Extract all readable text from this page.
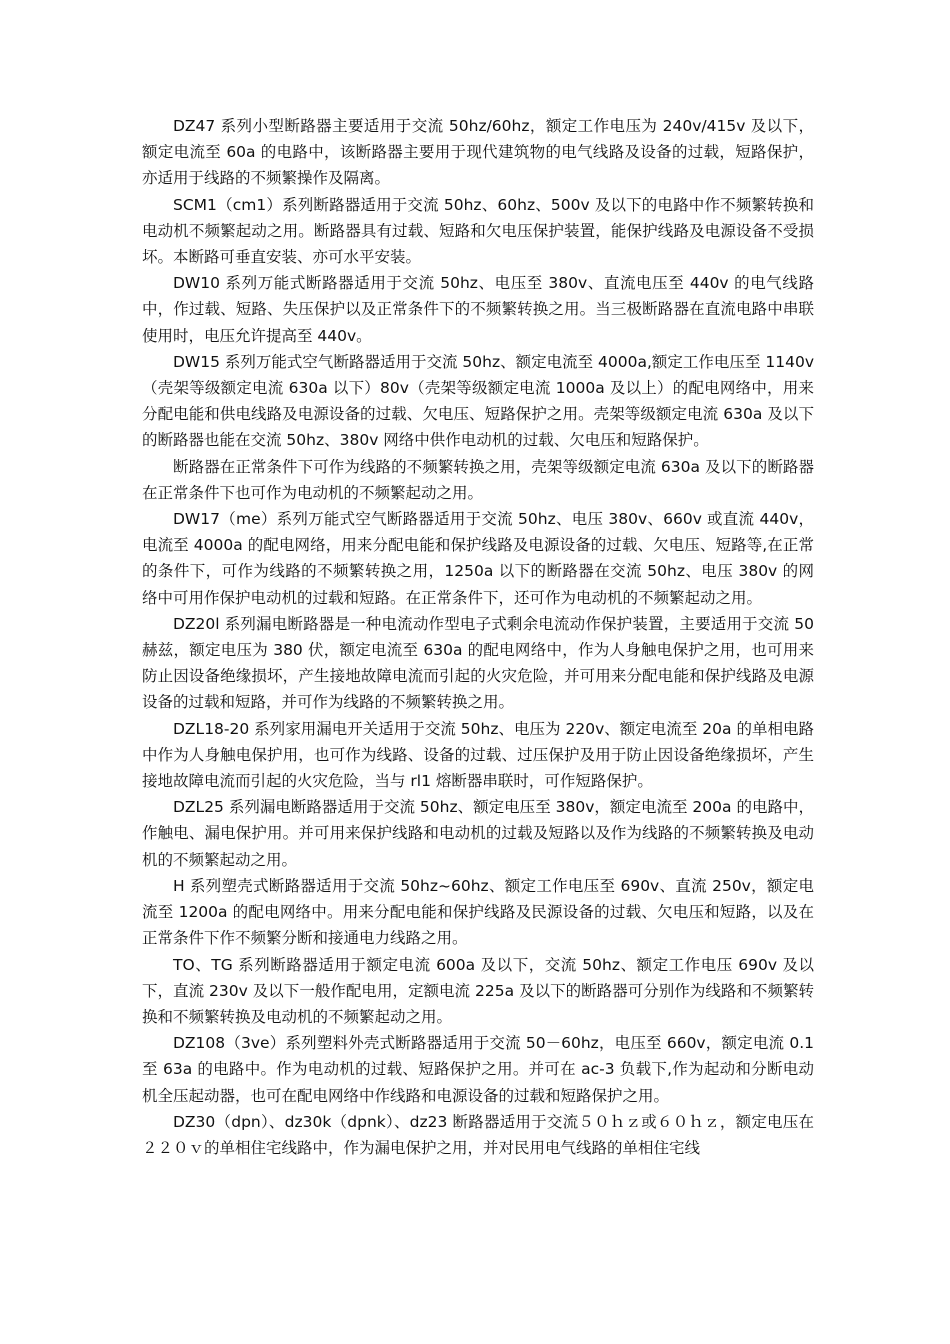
DZ47 系列小型断路器主要适用于交流 50hz/60hz，额定工作电压为 240v/415v 及以下，额定电流至 60a 的电路中，该断路器主要用于现代建筑物的电气线路及设备的过载，短路保护，亦适用于线路的不频繁操作及隔离。

SCM1（cm1）系列断路器适用于交流 50hz、60hz、500v 及以下的电路中作不频繁转换和电动机不频繁起动之用。断路器具有过载、短路和欠电压保护装置，能保护线路及电源设备不受损坏。本断路可垂直安装、亦可水平安装。

DW10 系列万能式断路器适用于交流 50hz、电压至 380v、直流电压至 440v 的电气线路中，作过载、短路、失压保护以及正常条件下的不频繁转换之用。当三极断路器在直流电路中串联使用时，电压允许提高至 440v。

DW15 系列万能式空气断路器适用于交流 50hz、额定电流至 4000a,额定工作电压至 1140v（壳架等级额定电流 630a 以下）80v（壳架等级额定电流 1000a 及以上）的配电网络中，用来分配电能和供电线路及电源设备的过载、欠电压、短路保护之用。壳架等级额定电流 630a 及以下的断路器也能在交流 50hz、380v 网络中供作电动机的过载、欠电压和短路保护。

断路器在正常条件下可作为线路的不频繁转换之用，壳架等级额定电流 630a 及以下的断路器在正常条件下也可作为电动机的不频繁起动之用。

DW17（me）系列万能式空气断路器适用于交流 50hz、电压 380v、660v 或直流 440v，电流至 4000a 的配电网络，用来分配电能和保护线路及电源设备的过载、欠电压、短路等,在正常的条件下，可作为线路的不频繁转换之用，1250a 以下的断路器在交流 50hz、电压 380v 的网络中可用作保护电动机的过载和短路。在正常条件下，还可作为电动机的不频繁起动之用。

DZ20l 系列漏电断路器是一种电流动作型电子式剩余电流动作保护装置，主要适用于交流 50 赫兹，额定电压为 380 伏，额定电流至 630a 的配电网络中，作为人身触电保护之用，也可用来防止因设备绝缘损坏，产生接地故障电流而引起的火灾危险，并可用来分配电能和保护线路及电源设备的过载和短路，并可作为线路的不频繁转换之用。

DZL18-20 系列家用漏电开关适用于交流 50hz、电压为 220v、额定电流至 20a 的单相电路中作为人身触电保护用，也可作为线路、设备的过载、过压保护及用于防止因设备绝缘损坏，产生接地故障电流而引起的火灾危险，当与 rl1 熔断器串联时，可作短路保护。

DZL25 系列漏电断路器适用于交流 50hz、额定电压至 380v，额定电流至 200a 的电路中，作触电、漏电保护用。并可用来保护线路和电动机的过载及短路以及作为线路的不频繁转换及电动机的不频繁起动之用。

H 系列塑壳式断路器适用于交流 50hz~60hz、额定工作电压至 690v、直流 250v，额定电流至 1200a 的配电网络中。用来分配电能和保护线路及民源设备的过载、欠电压和短路，以及在正常条件下作不频繁分断和接通电力线路之用。

TO、TG 系列断路器适用于额定电流 600a 及以下，交流 50hz、额定工作电压 690v 及以下，直流 230v 及以下一般作配电用，定额电流 225a 及以下的断路器可分别作为线路和不频繁转换和不频繁转换及电动机的不频繁起动之用。

DZ108（3ve）系列塑料外壳式断路器适用于交流 50－60hz，电压至 660v，额定电流 0.1 至 63a 的电路中。作为电动机的过载、短路保护之用。并可在 ac-3 负载下,作为起动和分断电动机全压起动器，也可在配电网络中作线路和电源设备的过载和短路保护之用。

DZ30（dpn）、dz30k（dpnk）、dz23 断路器适用于交流５０ｈｚ或６０ｈｚ，额定电压在２２０ｖ的单相住宅线路中，作为漏电保护之用，并对民用电气线路的单相住宅线
